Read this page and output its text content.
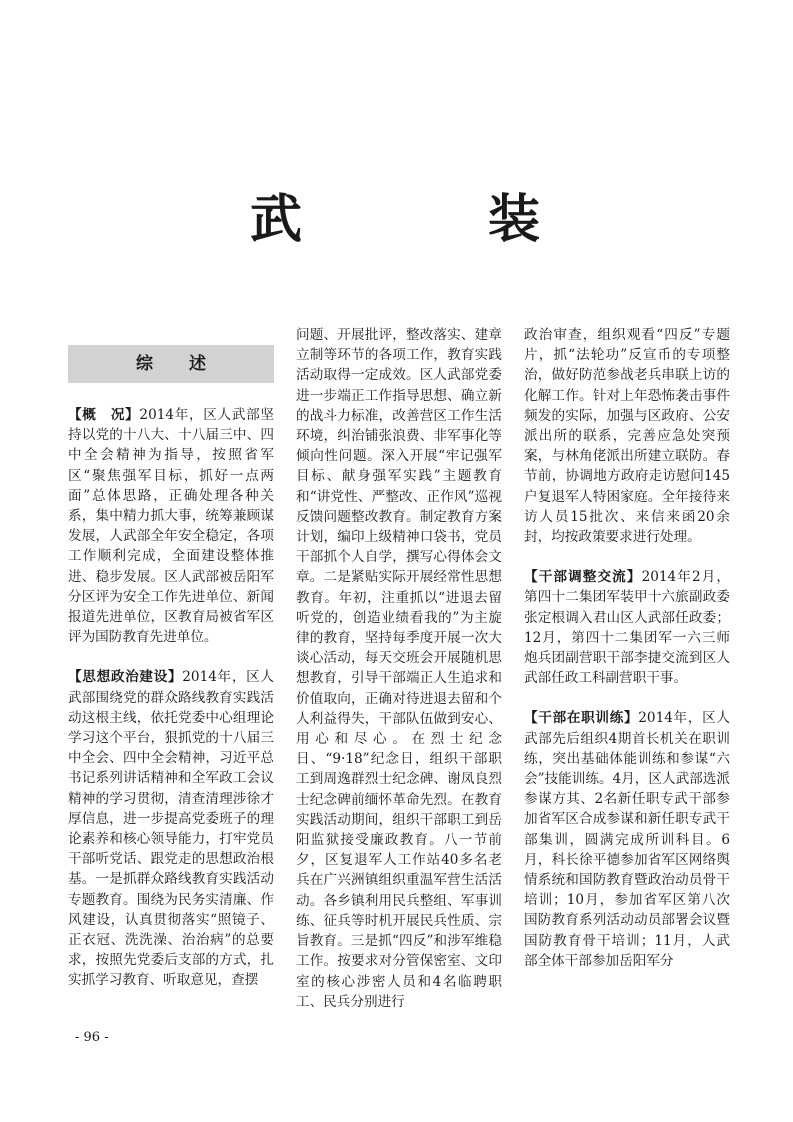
武	装
综述

【概　况】2014年，区人武部坚持以党的十八大、十八届三中、四中全会精神为指导，按照省军区“聚焦强军目标，抓好一点两面”总体思路，正确处理各种关系，集中精力抓大事，统筹兼顾谋发展，人武部全年安全稳定，各项工作顺利完成，全面建设整体推进、稳步发展。区人武部被岳阳军分区评为安全工作先进单位、新闻报道先进单位，区教育局被省军区评为国防教育先进单位。

【思想政治建设】2014年，区人武部围绕党的群众路线教育实践活动这根主线，依托党委中心组理论学习这个平台，狠抓党的十八届三中全会、四中全会精神，习近平总书记系列讲话精神和全军政工会议精神的学习贯彻，清查清理涉徐才厚信息，进一步提高党委班子的理论素养和核心领导能力，打牢党员干部听党话、跟党走的思想政治根基。一是抓群众路线教育实践活动专题教育。围绕为民务实清廉、作风建设，认真贯彻落实“照镜子、正衣冠、洗洗澡、治治病”的总要求，按照先党委后支部的方式，扎实抓学习教育、听取意见，查摆

问题、开展批评，整改落实、建章立制等环节的各项工作，教育实践活动取得一定成效。区人武部党委进一步端正工作指导思想、确立新的战斗力标准，改善营区工作生活环境，纠治铺张浪费、非军事化等倾向性问题。深入开展“牢记强军目标、献身强军实践”主题教育和“讲党性、严整改、正作风”巡视反馈问题整改教育。制定教育方案计划，编印上级精神口袋书，党员干部抓个人自学，撰写心得体会文章。二是紧贴实际开展经常性思想教育。年初，注重抓以“进退去留听党的，创造业绩看我的”为主旋律的教育，坚持每季度开展一次大谈心活动，每天交班会开展随机思想教育，引导干部端正人生追求和价值取向，正确对待进退去留和个人利益得失，干部队伍做到安心、用心和尽心。在烈士纪念日、“9·18”纪念日，组织干部职工到周逸群烈士纪念碑、谢凤良烈士纪念碑前缅怀革命先烈。在教育实践活动期间，组织干部职工到岳阳监狱接受廉政教育。八一节前夕，区复退军人工作站40多名老兵在广兴洲镇组织重温军营生活活动。各乡镇利用民兵整组、军事训练、征兵等时机开展民兵性质、宗旨教育。三是抓“四反”和涉军维稳工作。按要求对分管保密室、文印室的核心涉密人员和4名临聘职工、民兵分别进行

政治审查，组织观看“四反”专题片，抓“法轮功”反宣币的专项整治，做好防范参战老兵串联上访的化解工作。针对上年恐怖袭击事件频发的实际，加强与区政府、公安派出所的联系，完善应急处突预案，与林角佬派出所建立联防。春节前，协调地方政府走访慰问145户复退军人特困家庭。全年接待来访人员15批次、来信来函20余封，均按政策要求进行处理。

【干部调整交流】2014年2月，第四十二集团军装甲十六旅副政委张定根调入君山区人武部任政委；12月，第四十二集团军一六三师炮兵团副营职干部李捷交流到区人武部任政工科副营职干事。

【干部在职训练】2014年，区人武部先后组织4期首长机关在职训练，突出基础体能训练和参谋“六会”技能训练。4月，区人武部选派参谋方其、2名新任职专武干部参加省军区合成参谋和新任职专武干部集训，圆满完成所训科目。6月，科长徐平德参加省军区网络舆情系统和国防教育暨政治动员骨干培训；10月，参加省军区第八次国防教育系列活动动员部署会议暨国防教育骨干培训；11月，人武部全体干部参加岳阳军分

- 96 -
